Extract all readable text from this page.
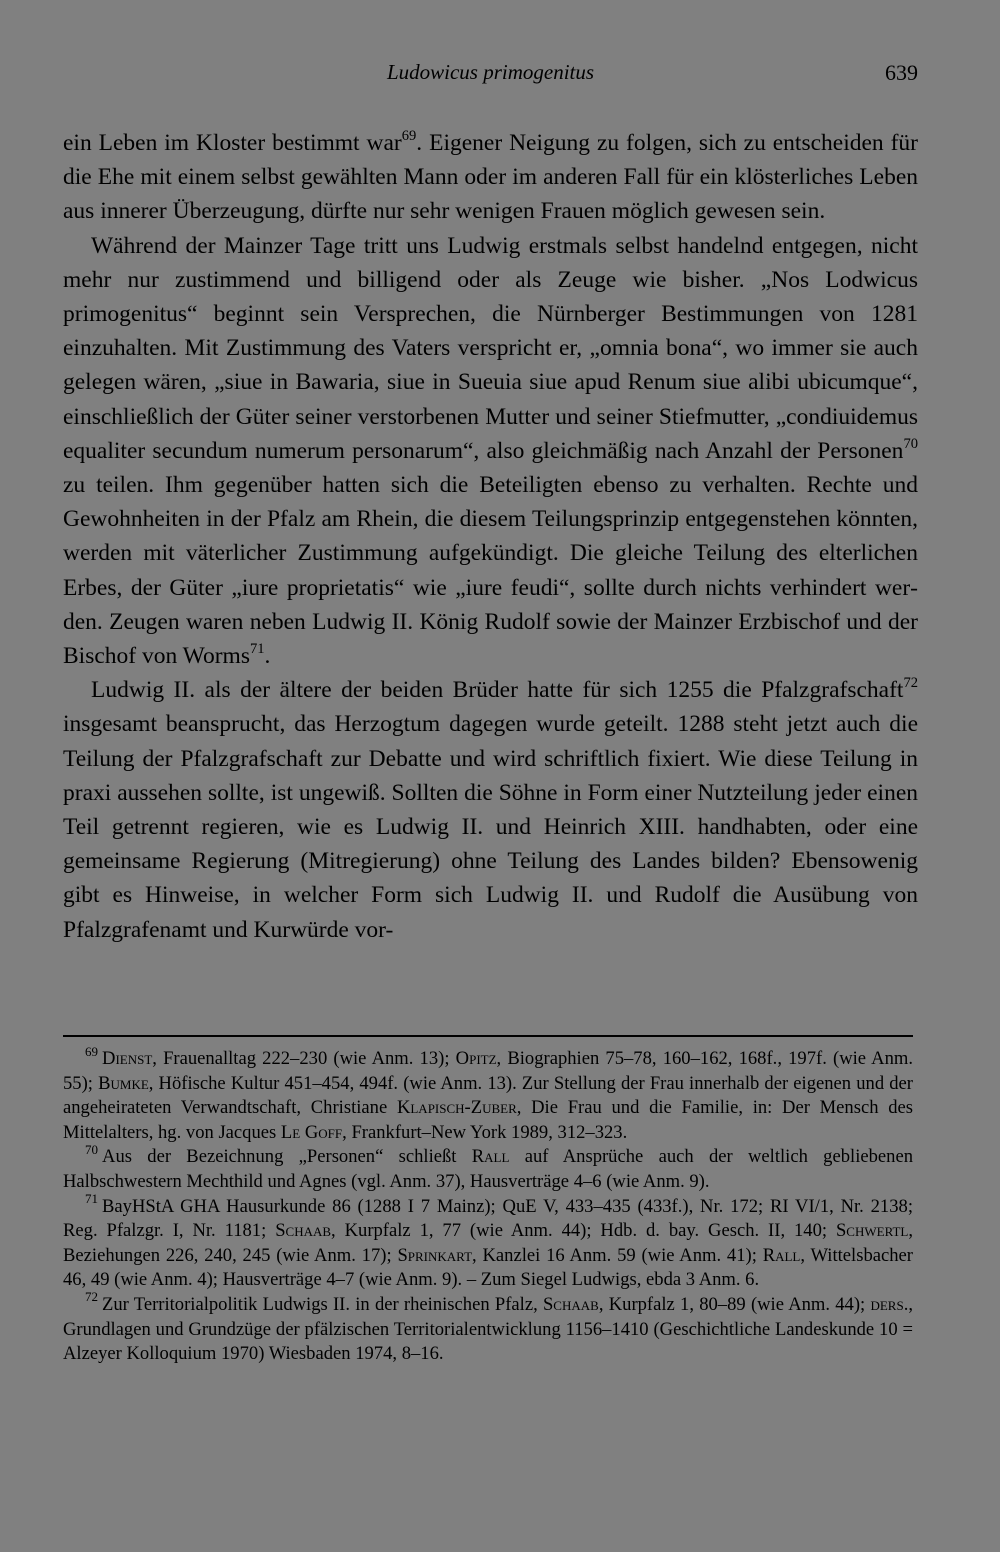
Ludowicus primogenitus	639

ein Leben im Kloster bestimmt war$^{69}$. Eigener Neigung zu folgen, sich zu entscheiden für die Ehe mit einem selbst gewählten Mann oder im anderen Fall für ein klösterliches Leben aus innerer Überzeugung, dürfte nur sehr wenigen Frauen möglich gewesen sein.

Während der Mainzer Tage tritt uns Ludwig erstmals selbst handelnd entgegen, nicht mehr nur zustimmend und billigend oder als Zeuge wie bisher. „Nos Lodwicus primogenitus“ beginnt sein Versprechen, die Nürnberger Bestimmungen von 1281 einzuhalten. Mit Zustimmung des Vaters verspricht er, „omnia bona“, wo immer sie auch gelegen wären, „siue in Bawaria, siue in Sueuia siue apud Renum siue alibi ubicumque“, einschließlich der Güter seiner verstorbenen Mutter und seiner Stiefmutter, „condiuidemus equaliter secundum numerum personarum“, also gleichmäßig nach Anzahl der Personen$^{70}$ zu teilen. Ihm gegenüber hatten sich die Beteiligten ebenso zu verhalten. Rechte und Gewohnheiten in der Pfalz am Rhein, die diesem Teilungsprinzip entgegenstehen könnten, werden mit väterlicher Zustimmung aufgekündigt. Die gleiche Teilung des elterlichen Erbes, der Güter „iure proprietatis“ wie „iure feudi“, sollte durch nichts verhindert werden. Zeugen waren neben Ludwig II. König Rudolf sowie der Mainzer Erzbischof und der Bischof von Worms$^{71}$.

Ludwig II. als der ältere der beiden Brüder hatte für sich 1255 die Pfalzgrafschaft$^{72}$ insgesamt beansprucht, das Herzogtum dagegen wurde geteilt. 1288 steht jetzt auch die Teilung der Pfalzgrafschaft zur Debatte und wird schriftlich fixiert. Wie diese Teilung in praxi aussehen sollte, ist ungewiß. Sollten die Söhne in Form einer Nutzteilung jeder einen Teil getrennt regieren, wie es Ludwig II. und Heinrich XIII. handhabten, oder eine gemeinsame Regierung (Mitregierung) ohne Teilung des Landes bilden? Ebensowenig gibt es Hinweise, in welcher Form sich Ludwig II. und Rudolf die Ausübung von Pfalzgrafenamt und Kurwürde vor-

$^{69}$ Dienst, Frauenalltag 222–230 (wie Anm. 13); Opitz, Biographien 75–78, 160–162, 168f., 197f. (wie Anm. 55); Bumke, Höfische Kultur 451–454, 494f. (wie Anm. 13). Zur Stellung der Frau innerhalb der eigenen und der angeheirateten Verwandtschaft, Christiane Klapisch-Zuber, Die Frau und die Familie, in: Der Mensch des Mittelalters, hg. von Jacques Le Goff, Frankfurt–New York 1989, 312–323.

$^{70}$ Aus der Bezeichnung „Personen“ schließt Rall auf Ansprüche auch der weltlich gebliebenen Halbschwestern Mechthild und Agnes (vgl. Anm. 37), Hausverträge 4–6 (wie Anm. 9).

$^{71}$ BayHStA GHA Hausurkunde 86 (1288 I 7 Mainz); QuE V, 433–435 (433f.), Nr. 172; RI VI/1, Nr. 2138; Reg. Pfalzgr. I, Nr. 1181; Schaab, Kurpfalz 1, 77 (wie Anm. 44); Hdb. d. bay. Gesch. II, 140; Schwertl, Beziehungen 226, 240, 245 (wie Anm. 17); Sprinkart, Kanzlei 16 Anm. 59 (wie Anm. 41); Rall, Wittelsbacher 46, 49 (wie Anm. 4); Hausverträge 4–7 (wie Anm. 9). – Zum Siegel Ludwigs, ebda 3 Anm. 6.

$^{72}$ Zur Territorialpolitik Ludwigs II. in der rheinischen Pfalz, Schaab, Kurpfalz 1, 80–89 (wie Anm. 44); ders., Grundlagen und Grundzüge der pfälzischen Territorialentwicklung 1156–1410 (Geschichtliche Landeskunde 10 = Alzeyer Kolloquium 1970) Wiesbaden 1974, 8–16.
